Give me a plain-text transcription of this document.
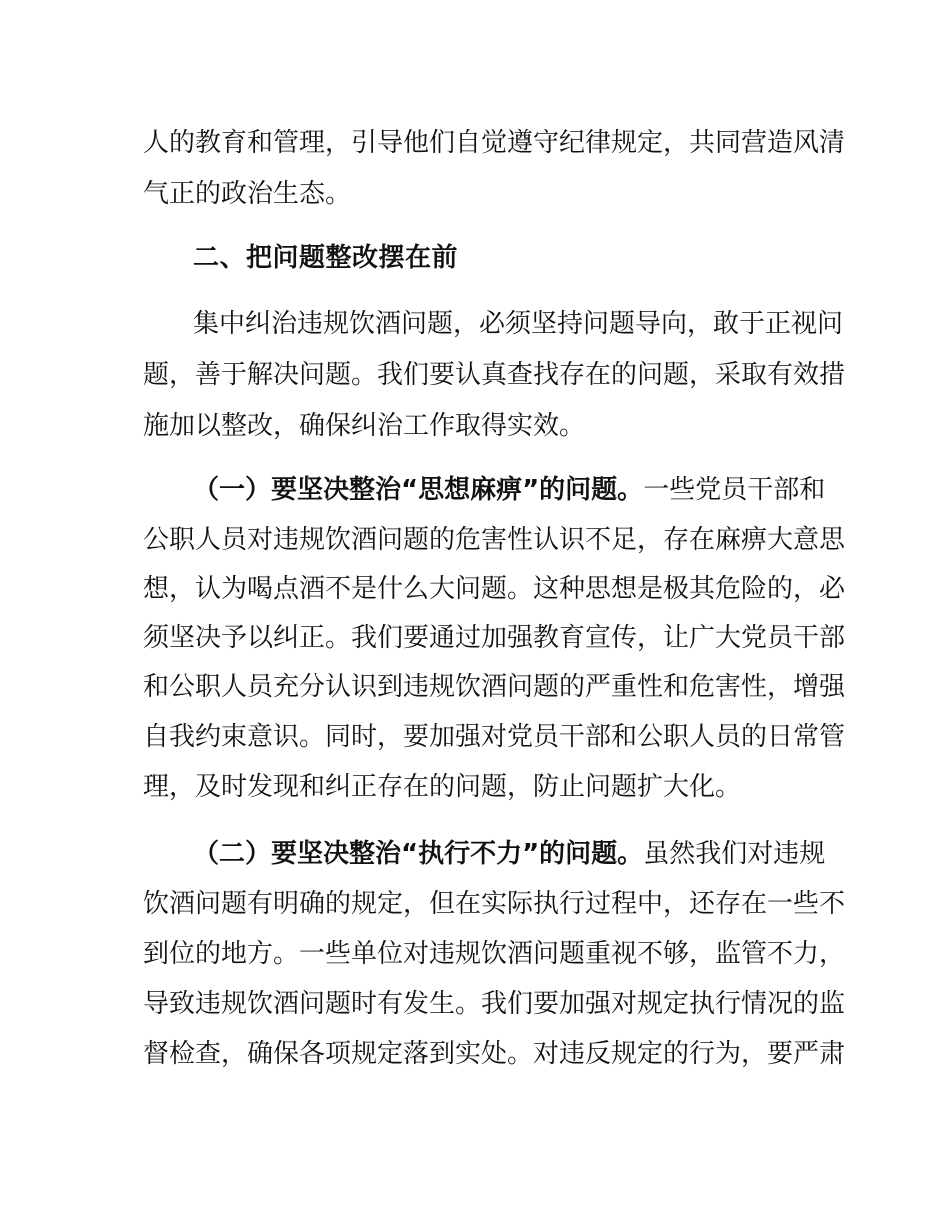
人的教育和管理，引导他们自觉遵守纪律规定，共同营造风清
气正的政治生态。
二、把问题整改摆在前
集中纠治违规饮酒问题，必须坚持问题导向，敢于正视问
题，善于解决问题。我们要认真查找存在的问题，采取有效措
施加以整改，确保纠治工作取得实效。
（一）要坚决整治“思想麻痹”的问题。一些党员干部和
公职人员对违规饮酒问题的危害性认识不足，存在麻痹大意思
想，认为喝点酒不是什么大问题。这种思想是极其危险的，必
须坚决予以纠正。我们要通过加强教育宣传，让广大党员干部
和公职人员充分认识到违规饮酒问题的严重性和危害性，增强
自我约束意识。同时，要加强对党员干部和公职人员的日常管
理，及时发现和纠正存在的问题，防止问题扩大化。
（二）要坚决整治“执行不力”的问题。虽然我们对违规
饮酒问题有明确的规定，但在实际执行过程中，还存在一些不
到位的地方。一些单位对违规饮酒问题重视不够，监管不力，
导致违规饮酒问题时有发生。我们要加强对规定执行情况的监
督检查，确保各项规定落到实处。对违反规定的行为，要严肃
